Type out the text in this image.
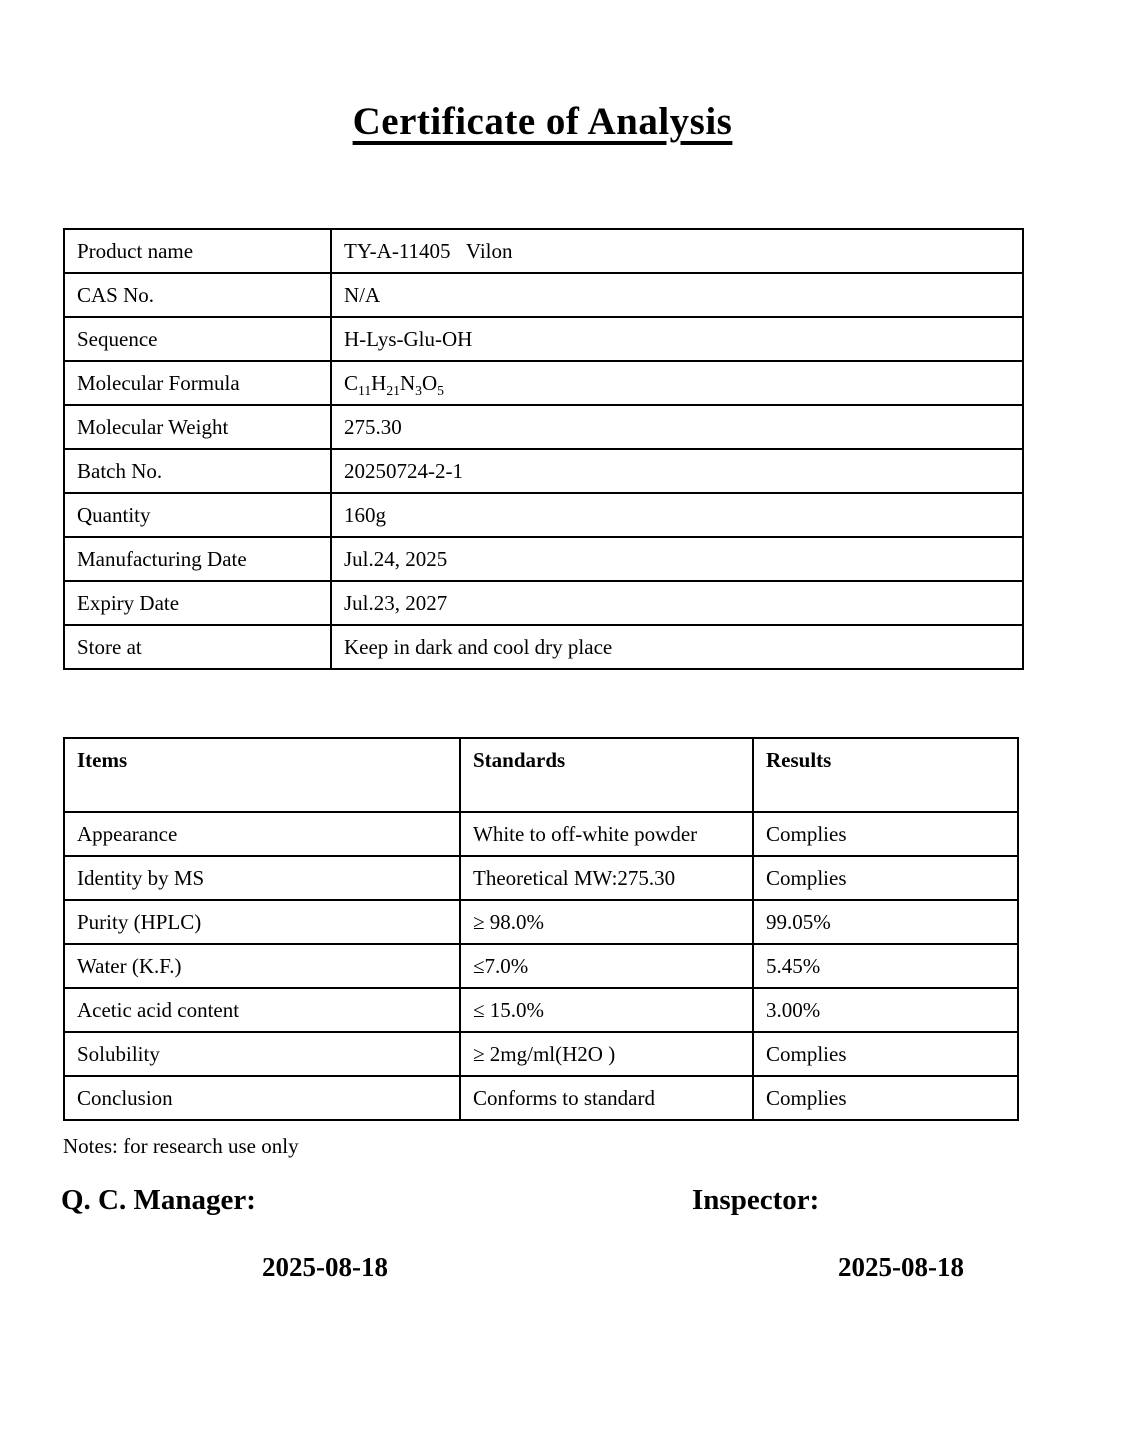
Certificate of Analysis
Product name	TY-A-11405   Vilon
CAS No.	N/A
Sequence	H-Lys-Glu-OH
Molecular Formula	$C_{11}H_{21}N_3O_5$
Molecular Weight	275.30
Batch No.	20250724-2-1
Quantity	160g
Manufacturing Date	Jul.24, 2025
Expiry Date	Jul.23, 2027
Store at	Keep in dark and cool dry place
Items	Standards	Results
Appearance	White to off-white powder	Complies
Identity by MS	Theoretical MW:275.30	Complies
Purity (HPLC)	≥ 98.0%	99.05%
Water (K.F.)	≤7.0%	5.45%
Acetic acid content	≤ 15.0%	3.00%
Solubility	≥ 2mg/ml(H2O )	Complies
Conclusion	Conforms to standard	Complies
Notes: for research use only
Q. C. Manager:	Inspector:
2025-08-18	2025-08-18
